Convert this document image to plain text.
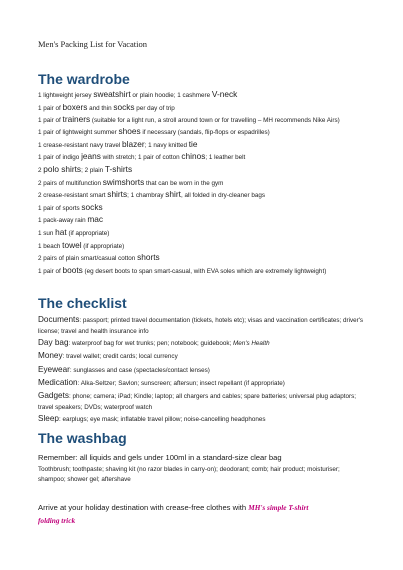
Men's Packing List for Vacation
The wardrobe
1 lightweight jersey sweatshirt or plain hoodie; 1 cashmere V-neck
1 pair of boxers and thin socks per day of trip
1 pair of trainers (suitable for a light run, a stroll around town or for travelling – MH recommends Nike Airs)
1 pair of lightweight summer shoes if necessary (sandals, flip-flops or espadrilles)
1 crease-resistant navy travel blazer; 1 navy knitted tie
1 pair of indigo jeans with stretch; 1 pair of cotton chinos; 1 leather belt
2 polo shirts; 2 plain T-shirts
2 pairs of multifunction swimshorts that can be worn in the gym
2 crease-resistant smart shirts; 1 chambray shirt, all folded in dry-cleaner bags
1 pair of sports socks
1 pack-away rain mac
1 sun hat (if appropriate)
1 beach towel (if appropriate)
2 pairs of plain smart/casual cotton shorts
1 pair of boots (eg desert boots to span smart-casual, with EVA soles which are extremely lightweight)
The checklist
Documents: passport; printed travel documentation (tickets, hotels etc); visas and vaccination certificates; driver's license; travel and health insurance info
Day bag: waterproof bag for wet trunks; pen; notebook; guidebook; Men's Health
Money: travel wallet; credit cards; local currency
Eyewear: sunglasses and case (spectacles/contact lenses)
Medication: Alka-Seltzer; Savlon; sunscreen; aftersun; insect repellant (if appropriate)
Gadgets: phone; camera; iPad; Kindle; laptop; all chargers and cables; spare batteries; universal plug adaptors; travel speakers; DVDs; waterproof watch
Sleep: earplugs; eye mask; inflatable travel pillow; noise-cancelling headphones
The washbag
Remember: all liquids and gels under 100ml in a standard-size clear bag
Toothbrush; toothpaste; shaving kit (no razor blades in carry-on); deodorant; comb; hair product; moisturiser; shampoo; shower gel; aftershave
Arrive at your holiday destination with crease-free clothes with MH's simple T-shirt
folding trick
